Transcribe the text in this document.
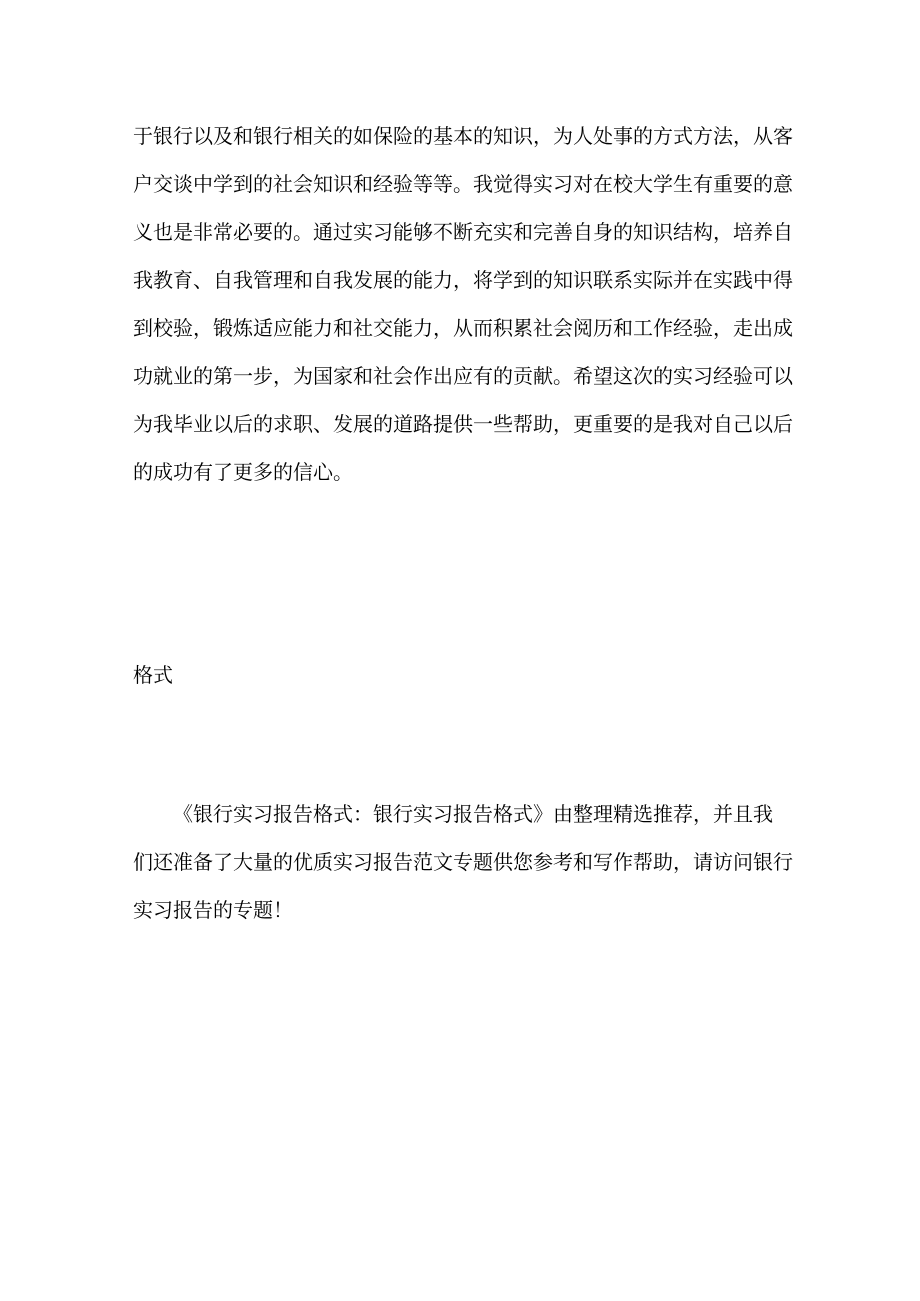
于银行以及和银行相关的如保险的基本的知识，为人处事的方式方法，从客
户交谈中学到的社会知识和经验等等。我觉得实习对在校大学生有重要的意
义也是非常必要的。通过实习能够不断充实和完善自身的知识结构，培养自
我教育、自我管理和自我发展的能力，将学到的知识联系实际并在实践中得
到校验，锻炼适应能力和社交能力，从而积累社会阅历和工作经验，走出成
功就业的第一步，为国家和社会作出应有的贡献。希望这次的实习经验可以
为我毕业以后的求职、发展的道路提供一些帮助，更重要的是我对自己以后
的成功有了更多的信心。
格式
《银行实习报告格式：银行实习报告格式》由整理精选推荐，并且我
们还准备了大量的优质实习报告范文专题供您参考和写作帮助，请访问银行
实习报告的专题！
